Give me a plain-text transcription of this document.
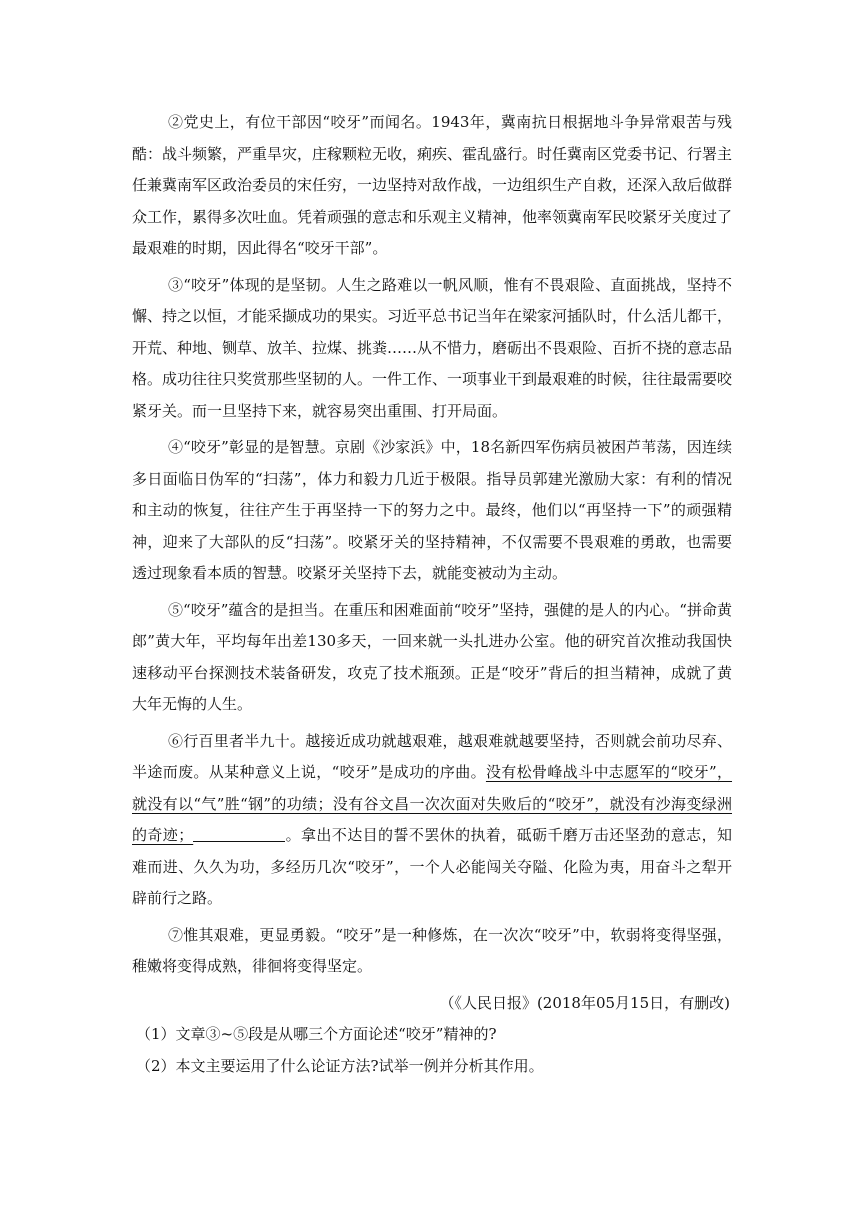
②党史上，有位干部因“咬牙”而闻名。1943年，冀南抗日根据地斗争异常艰苦与残酷：战斗频繁，严重旱灾，庄稼颗粒无收，痢疾、霍乱盛行。时任冀南区党委书记、行署主任兼冀南军区政治委员的宋任穷，一边坚持对敌作战，一边组织生产自救，还深入敌后做群众工作，累得多次吐血。凭着顽强的意志和乐观主义精神，他率领冀南军民咬紧牙关度过了最艰难的时期，因此得名“咬牙干部”。

③“咬牙”体现的是坚韧。人生之路难以一帆风顺，惟有不畏艰险、直面挑战，坚持不懈、持之以恒，才能采撷成功的果实。习近平总书记当年在梁家河插队时，什么活儿都干，开荒、种地、铡草、放羊、拉煤、挑粪……从不惜力，磨砺出不畏艰险、百折不挠的意志品格。成功往往只奖赏那些坚韧的人。一件工作、一项事业干到最艰难的时候，往往最需要咬紧牙关。而一旦坚持下来，就容易突出重围、打开局面。

④“咬牙”彰显的是智慧。京剧《沙家浜》中，18名新四军伤病员被困芦苇荡，因连续多日面临日伪军的“扫荡”，体力和毅力几近于极限。指导员郭建光激励大家：有利的情况和主动的恢复，往往产生于再坚持一下的努力之中。最终，他们以“再坚持一下”的顽强精神，迎来了大部队的反“扫荡”。咬紧牙关的坚持精神，不仅需要不畏艰难的勇敢，也需要透过现象看本质的智慧。咬紧牙关坚持下去，就能变被动为主动。

⑤“咬牙”蕴含的是担当。在重压和困难面前“咬牙”坚持，强健的是人的内心。“拼命黄郎”黄大年，平均每年出差130多天，一回来就一头扎进办公室。他的研究首次推动我国快速移动平台探测技术装备研发，攻克了技术瓶颈。正是“咬牙”背后的担当精神，成就了黄大年无悔的人生。

⑥行百里者半九十。越接近成功就越艰难，越艰难就越要坚持，否则就会前功尽弃、半途而废。从某种意义上说，“咬牙”是成功的序曲。没有松骨峰战斗中志愿军的“咬牙”，就没有以“气”胜“钢”的功绩；没有谷文昌一次次面对失败后的“咬牙”，就没有沙海变绿洲的奇迹；	。拿出不达目的誓不罢休的执着，砥砺千磨万击还坚劲的意志，知难而进、久久为功，多经历几次“咬牙”，一个人必能闯关夺隘、化险为夷，用奋斗之犁开辟前行之路。

⑦惟其艰难，更显勇毅。“咬牙”是一种修炼，在一次次“咬牙”中，软弱将变得坚强，稚嫩将变得成熟，徘徊将变得坚定。

（《人民日报》(2018年05月15日，有删改)

（1）文章③~⑤段是从哪三个方面论述“咬牙”精神的?

（2）本文主要运用了什么论证方法?试举一例并分析其作用。
